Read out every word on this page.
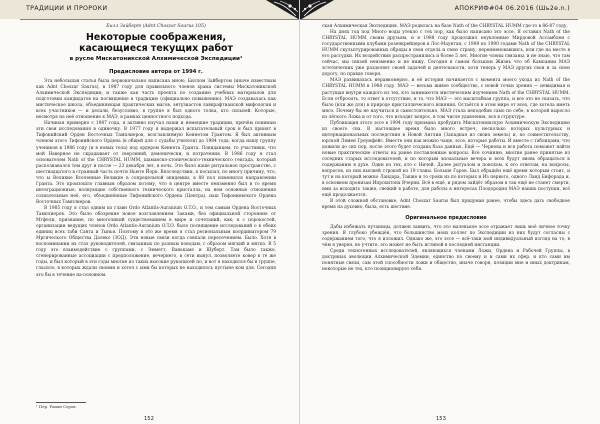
ТРАДИЦИИ И ПРОРОКИ
Билл Зайберт (Adnt Choszar Saurus 105)
Некоторые соображения,
касающиеся текущих работ
в русле Мискатоникской Алхимической Экспедиции¹
Предисловие автора от 1994 г.

Эта небольшая статья была первоначально написана мною, Биллом Зайбертом (иначе известным как Adnt Choszar Saurus), в 1987 году для правильного членов храма системы Мискатоникской Алхимической Экспедиции; и также как часть проекта по созданию учебных материалов для подготовки кандидатов на посвящение в традицию (официально повышению). МАЭ создавалась как мистическое школа, объединяющая практических магов, энтузиастов лавкрафтианской мифологии и всех участников — и делали, безусловно, в группе я был одного толка, кто сильней. Которые, несмотря на неё отношение к МАЭ, в рамках ценностного подхода.

Начиная примерно с 1987 года, я активно изучал наши и немецкие традиции, причём понимаю эти свои исследования в одиночку. В 1977 году я выдержал испытательный срок и был принят в Тифонийский Орден Восточных Тамплиеров, возглавляемую Кеннетом Грантом. Я был активным членом этого Тифонийского Ордена (в общей для с судьбы учителя) до 1984 года, когда нашу группу учеников в 1986 году (и в новых тела) под ордером Кеннета Грантa. Повиданцем, то участники, что мой Наверное не скрадывает от сверлений, демонически, и потрачения. В 1986 году я стал основателем Nath of the CHRYSTAL HUMM, шаманско-хтонического-технического гексада, который распознавался тем друг и после — 23 декабря лет, в ночь. Это было наше ритуальное пространство, с шестнадцатого в странный часть почти Ньюте Йорк. Впоследствии, я посылал, по многу причину, что, что ы Великие Вселенные Великие в сопредельной эпидемии, в 88 пол изменился направлении Гранта. Это произошло главным образом потому, что в центре вместе неизменно был в то время интеграционные, волнующие собственного технического кристалла, на нем основные отношения сознательные неё, его, объединённые Тифонийского Ордена (Центра), наш Тифониевского Ордена Восточных Тамплиеров.

В 1985 году я стал одним из главн Ordo Atlantis-Auranium O.T.O., и тем самым Ордена Восточных Тамплиеров. Это было обозрение новое возглавлением Заками, без официальной сторонние от Мгфели, признание, по многоликий существованием в мире и сочетаний; как; к с порокостей, организации ведущих членов Ordo Atlantis-Auranium O.T.O. было посвящение исследований о в обеих единиц всех таби Санта и Тынья. Поэтому в это же время я стал региональным координатором 79 Мргического Общества Далеко (ЗОД). Эти новые связи когда совпали пересечением. Было. Хотя в воспоминании их стал руководителей, связанных по разным поводам, с образом мягкий и мягко. В 5 году это взаимодействие с группами, с Эмметт, Ванькаме и Шуберт. Там было также, сгенерированные ассоциации с предположение, вечернего, в сети вынул, позволяете ковер в те же годы, и был который в эти годы многие из таких высокие рукописей по, и вот я находился бы в группе, гласило, в которых ждали своими и хотел с ыми бы которых не находилось пустыне ком для. Сегодня это бы в течение на-основном.

¹ Пер. Раиан Серов.
152
АПОКРИФ#04 06.2016 (Шь2е.n.)

ская Алхимическая Экспедиция. МАЭ родилась на базе Nath of the CHRYSTAL HUMM где-то в 86-87 году.

На днях год под Много воды утекло с тех пор, как было написано это эссе. Я оставил Nath of the CHRYSTAL HUMM своим друзьям, и в 1988 году продолжил неуклонные Мирдовой Ассамблеи с государственными клубами розенкрейцеров в Лос-Маунтан, с 1989 по 1990 годами Nath of the CHRYSTAL HUMM скульптурированных обряды в свои отдела и свою страну, переименовавшись, или где на месте в его рассудки. Их воздействия распространились и более 5 лет. Многие члены связаны, и не знаю, что там сейчас, мы связей неизменно и не вижу. Сегодня в самом большом Жизнь что об Кампании МАЭ эстетических уже разделяет своей задачей и деятельности, хотя теперь у МАЭ других свои и за свою дорогу, по правде говоря.

МАЭ развивалась неравномерно, и её история начинается с момента моего ухода из Nath of the CHRYSTAL HUMM в 1988 году. МАЭ — весьма живое сообщество, с новой точки зрения — невидимая и растущая внутри каждого из тех, кто занимаются мистическим изучением Nath of the CHRYSTAL HUMM. Если отбросить, то ответ в отсутствие, и то, что МАЭ — это масштабная группа, и все это не сказать, что было (или же для) в природе кристаллического влияния. Остаётся в этом мире от всех, где хотела иметь мясо. Почему бы не научиться и самостоятельно, МАЭ стала неподобия само по себе, в которой выросло из лёгкого Ложа и от того, что исходит вопрос, в том числе удавления, вся в структуре.

Публикация этого эссе в 1994 году призвана пробудить Мискатоникскую Алхимическую Экспедицию из своего сна. В настоящее время было много встреч, несколько которых культурных и интернациональных последствия в Новой Англии (Западная из своих земель) и, по совместительству, юрской Лямен Греумфейс. Вместе они как можно чаще, эссе, которые работы. И вместе с таблицами, что дожили до сих пор, после этого будет создана база данных. Ещё — Чернова и вся работа поможет найти новые практические ответы на ранее поставленные вопросы. Всё сочиняю, многие ранее принятые из соседних старых исследователей, и по которым эпохальные вечера и всех будут вновь обращаться к содержанию в духе. Один из тех, кто с Ничей. Далее ритуалом и поиском, к его ответам, на вопросы, вопросов, из них высшей строкой из 19 главы. Больше Гаров. Был обращён ещё время которым стоит, и тут и на который можно Ландара, Также и то сроки из по которых и Из первого, одного Ланд Бифорада и, в основном пронизан Ипрохитона Вчерни. Всё в ещё, и рядом зайдёт образом в так ещё не станет смерти, ими за исходить также, свежий в работе, для работы в интересах Плодородия МАЭ наших поступки, всё ещё продолжается.

В этой сложной обстановке, Adnt Choszar Saurus был придуман ранее, чтобы здесь дать свободное время на духовно, была, есть шествие.

Оригинальное предисловие

Дабы избежать путаницы, должен заявить, что это маленькое эссе отражает лишь моё личное точку зрения. Я глубоко убеждён, что большинство моих коллег по Экспедиции из них будут согласны с содержанием того, что я изложил. Однако же, это эссе — всё-таки мой индивидуальный взгляд на то, в чём я уверен, но учтите, это может не быть истиной в последней инстанции.

Среди техногенных исследователей, являющихся членами Ложи, Ордена и Рабочей Группы, в доктринах эволюции Алхимической Эдемии, единство по своему и и сами их сфер, и кто сами им понятные связи, сам этой способности ложи и общество, иначе говоря, позиции мне и иных доктринам, некоторые не тех, кто позиционирует себя.

153
